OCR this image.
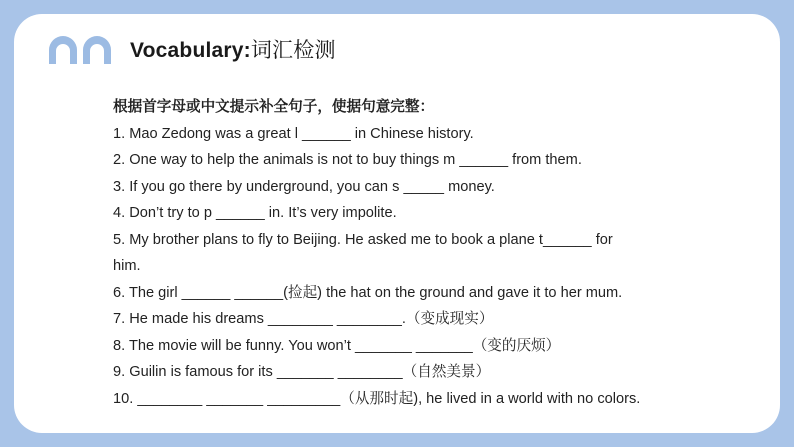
Vocabulary:词汇检测
根据首字母或中文提示补全句子，使据句意完整：
1. Mao Zedong was a great l ______ in Chinese history.
2. One way to help the animals is not to buy things m ______ from them.
3. If you go there by underground, you can s _____ money.
4. Don’t try to p ______ in. It’s very impolite.
5. My brother plans to fly to Beijing. He asked me to book a plane t______ for
him.
6. The girl ______ ______(捡起) the hat on the ground and gave it to her mum.
7. He made his dreams ________ ________.（变成现实）
8. The movie will be funny. You won’t _______ _______（变的厌烦）
9. Guilin is famous for its _______ ________（自然美景）
10. ________ _______ _________（从那时起), he lived in a world with no colors.
